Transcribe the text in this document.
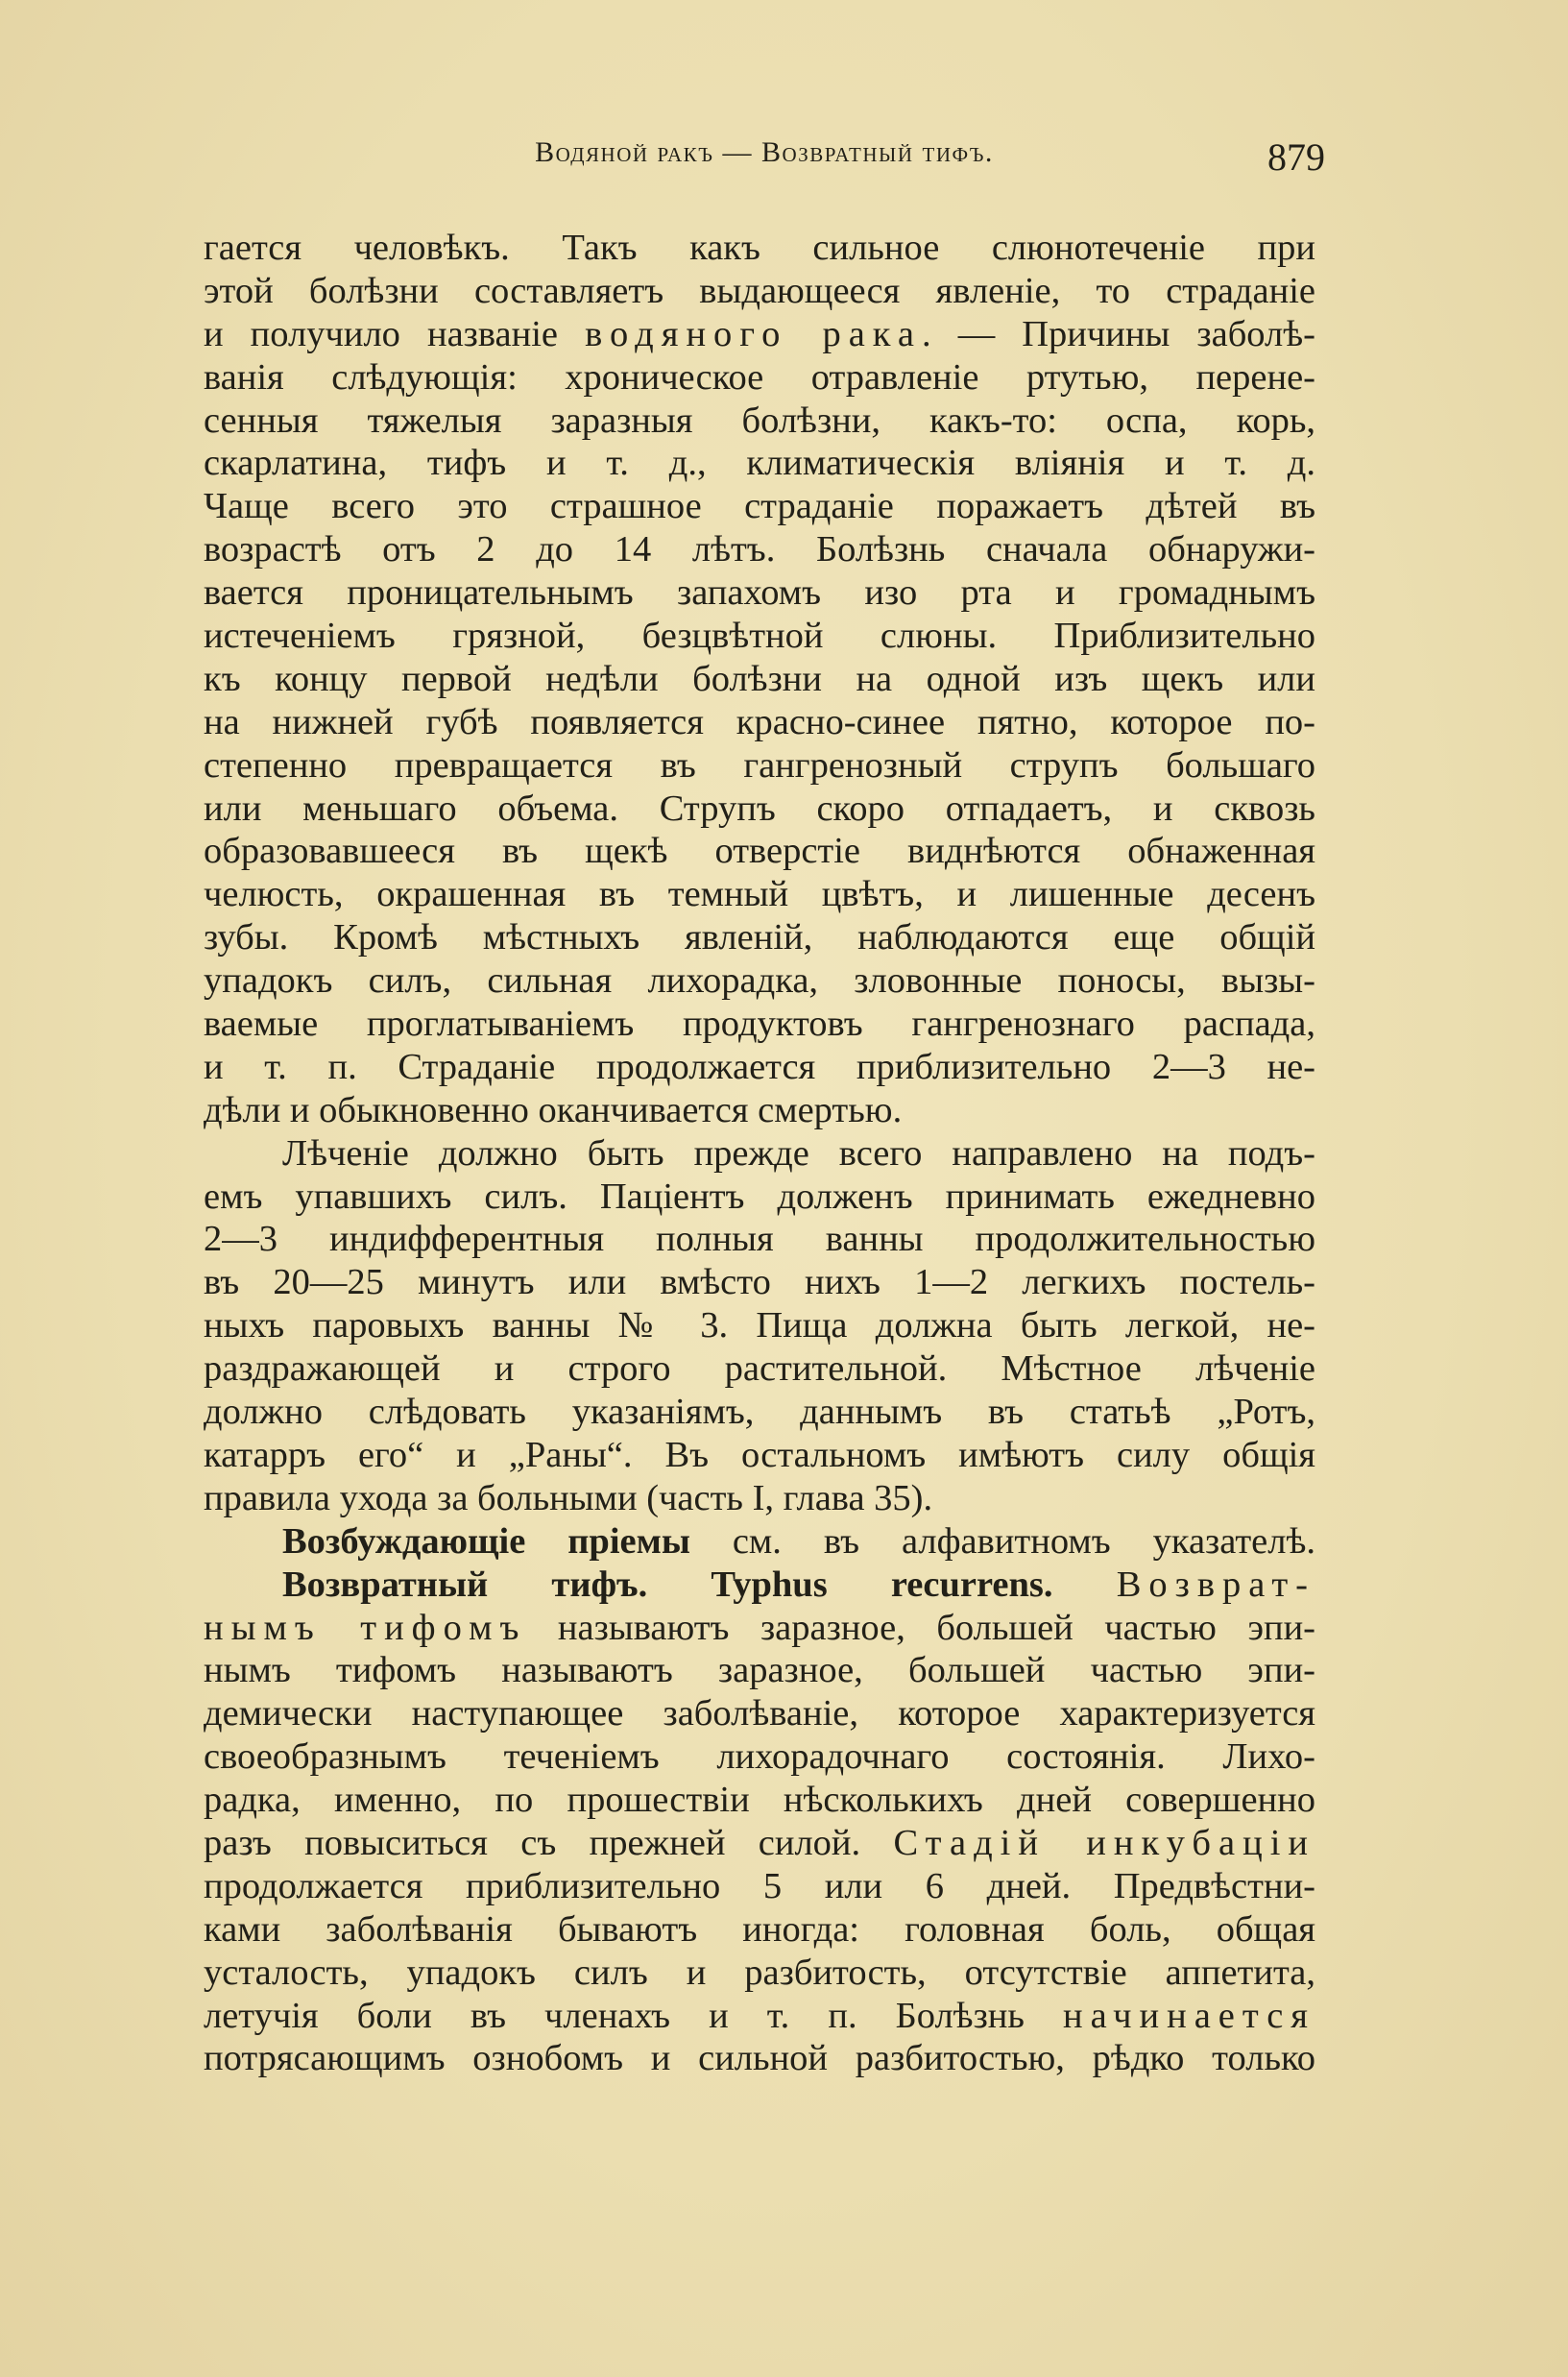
Водяной ракъ — Возвратный тифъ.	879
гается человѣкъ. Такъ какъ сильное слюнотеченіе при
этой болѣзни составляетъ выдающееся явленіе, то страданіе
и получило названіе водяного рака. — Причины заболѣ-
ванія слѣдующія: хроническое отравленіе ртутью, перене-
сенныя тяжелыя заразныя болѣзни, какъ-то: оспа, корь,
скарлатина, тифъ и т. д., климатическія вліянія и т. д.
Чаще всего это страшное страданіе поражаетъ дѣтей въ
возрастѣ отъ 2 до 14 лѣтъ. Болѣзнь сначала обнаружи-
вается проницательнымъ запахомъ изо рта и громаднымъ
истеченіемъ грязной, безцвѣтной слюны. Приблизительно
къ концу первой недѣли болѣзни на одной изъ щекъ или
на нижней губѣ появляется красно-синее пятно, которое по-
степенно превращается въ гангренозный струпъ большаго
или меньшаго объема. Струпъ скоро отпадаетъ, и сквозь
образовавшееся въ щекѣ отверстіе виднѣются обнаженная
челюсть, окрашенная въ темный цвѣтъ, и лишенные десенъ
зубы. Кромѣ мѣстныхъ явленій, наблюдаются еще общій
упадокъ силъ, сильная лихорадка, зловонные поносы, вызы-
ваемые проглатываніемъ продуктовъ гангренознаго распада,
и т. п. Страданіе продолжается приблизительно 2—3 не-
дѣли и обыкновенно оканчивается смертью.
Лѣченіе должно быть прежде всего направлено на подъ-
емъ упавшихъ силъ. Паціентъ долженъ принимать ежедневно
2—3 индифферентныя полныя ванны продолжительностью
въ 20—25 минутъ или вмѣсто нихъ 1—2 легкихъ постель-
ныхъ паровыхъ ванны № 3. Пища должна быть легкой, не-
раздражающей и строго растительной. Мѣстное лѣченіе
должно слѣдовать указаніямъ, даннымъ въ статьѣ „Ротъ,
катарръ его“ и „Раны“. Въ остальномъ имѣютъ силу общія
правила ухода за больными (часть I, глава 35).
Возбуждающіе пріемы см. въ алфавитномъ указателѣ.
Возвратный тифъ. Typhus recurrens. Возврат-
нымъ тифомъ называютъ заразное, большей частью эпи-
нымъ тифомъ называютъ заразное, большей частью эпи-
демически наступающее заболѣваніе, которое характеризуется
своеобразнымъ теченіемъ лихорадочнаго состоянія. Лихо-
радка, именно, по прошествіи нѣсколькихъ дней совершенно
разъ повыситься съ прежней силой. Стадій инкубаціи
продолжается приблизительно 5 или 6 дней. Предвѣстни-
ками заболѣванія бываютъ иногда: головная боль, общая
усталость, упадокъ силъ и разбитость, отсутствіе аппетита,
летучія боли въ членахъ и т. п. Болѣзнь начинается
потрясающимъ ознобомъ и сильной разбитостью, рѣдко только
